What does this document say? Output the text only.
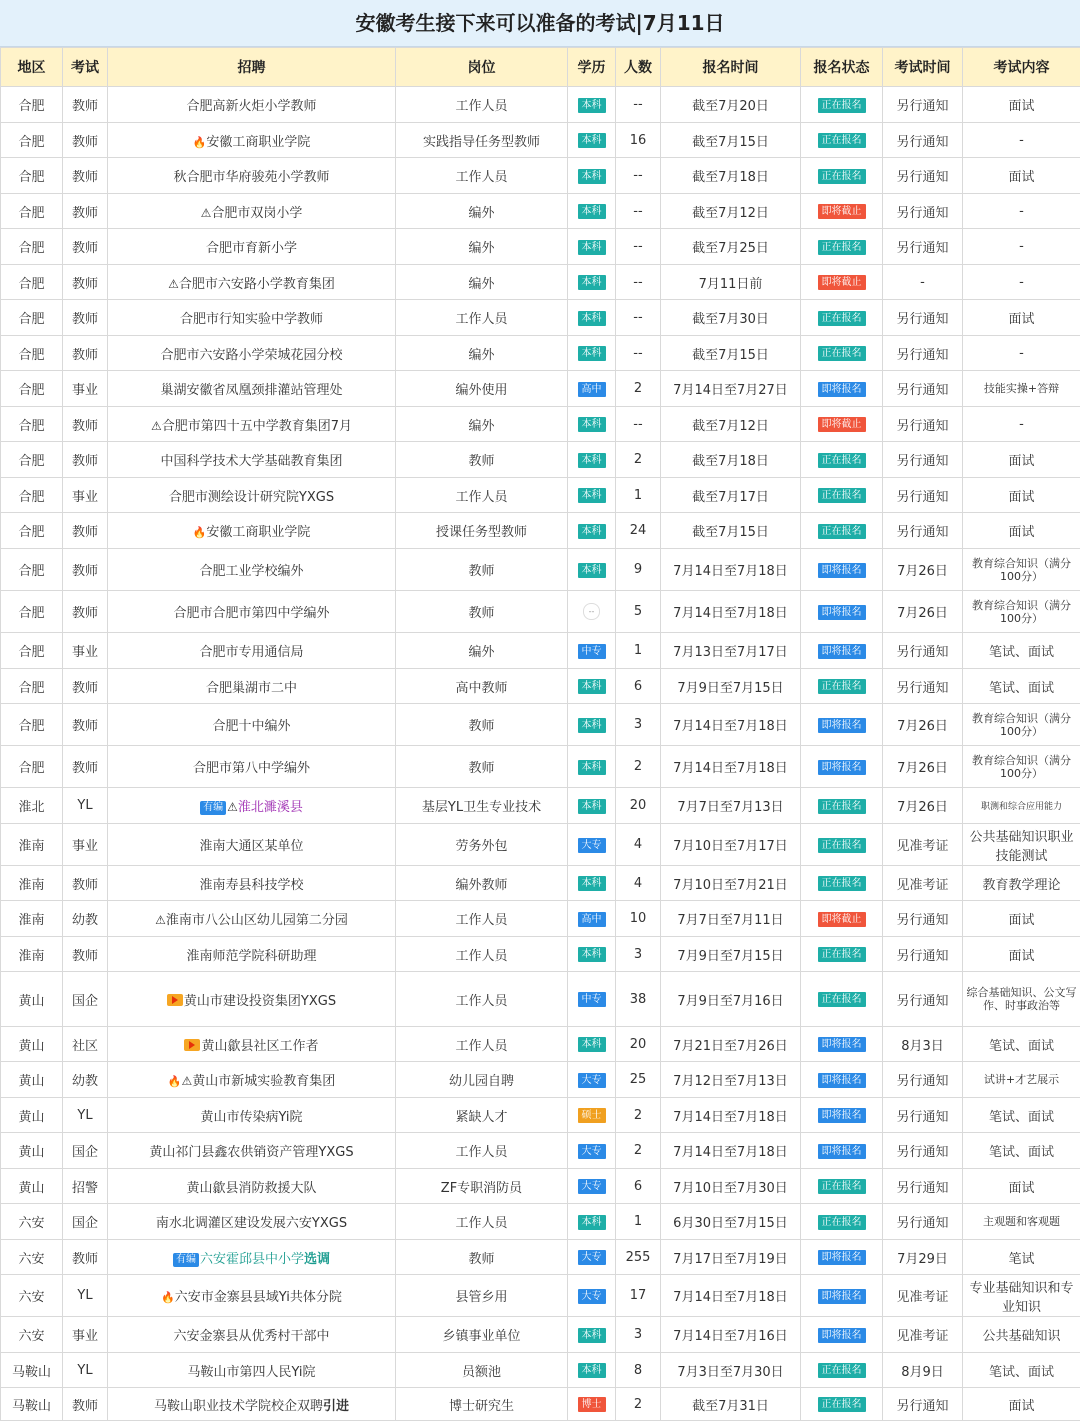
安徽考生接下来可以准备的考试|7月11日
地区	考试	招聘	岗位	学历	人数	报名时间	报名状态	考试时间	考试内容
合肥	教师	合肥高新火炬小学教师	工作人员	本科	--	截至7月20日	正在报名	另行通知	面试
合肥	教师	🔥安徽工商职业学院	实践指导任务型教师	本科	16	截至7月15日	正在报名	另行通知	-
合肥	教师	秋合肥市华府骏苑小学教师	工作人员	本科	--	截至7月18日	正在报名	另行通知	面试
合肥	教师	⚠合肥市双岗小学	编外	本科	--	截至7月12日	即将截止	另行通知	-
合肥	教师	合肥市育新小学	编外	本科	--	截至7月25日	正在报名	另行通知	-
合肥	教师	⚠合肥市六安路小学教育集团	编外	本科	--	7月11日前	即将截止	-	-
合肥	教师	合肥市行知实验中学教师	工作人员	本科	--	截至7月30日	正在报名	另行通知	面试
合肥	教师	合肥市六安路小学荣城花园分校	编外	本科	--	截至7月15日	正在报名	另行通知	-
合肥	事业	巢湖安徽省凤凰颈排灌站管理处	编外使用	高中	2	7月14日至7月27日	即将报名	另行通知	技能实操+答辩
合肥	教师	⚠合肥市第四十五中学教育集团7月	编外	本科	--	截至7月12日	即将截止	另行通知	-
合肥	教师	中国科学技术大学基础教育集团	教师	本科	2	截至7月18日	正在报名	另行通知	面试
合肥	事业	合肥市测绘设计研究院YXGS	工作人员	本科	1	截至7月17日	正在报名	另行通知	面试
合肥	教师	🔥安徽工商职业学院	授课任务型教师	本科	24	截至7月15日	正在报名	另行通知	面试
合肥	教师	合肥工业学校编外	教师	本科	9	7月14日至7月18日	即将报名	7月26日	教育综合知识（满分100分）
合肥	教师	合肥市合肥市第四中学编外	教师	--	5	7月14日至7月18日	即将报名	7月26日	教育综合知识（满分100分）
合肥	事业	合肥市专用通信局	编外	中专	1	7月13日至7月17日	即将报名	另行通知	笔试、面试
合肥	教师	合肥巢湖市二中	高中教师	本科	6	7月9日至7月15日	正在报名	另行通知	笔试、面试
合肥	教师	合肥十中编外	教师	本科	3	7月14日至7月18日	即将报名	7月26日	教育综合知识（满分100分）
合肥	教师	合肥市第八中学编外	教师	本科	2	7月14日至7月18日	即将报名	7月26日	教育综合知识（满分100分）
淮北	YL	有编 ⚠ 淮北濉溪县	基层YL卫生专业技术	本科	20	7月7日至7月13日	正在报名	7月26日	职测和综合应用能力
淮南	事业	淮南大通区某单位	劳务外包	大专	4	7月10日至7月17日	正在报名	见准考证	公共基础知识职业技能测试
淮南	教师	淮南寿县科技学校	编外教师	本科	4	7月10日至7月21日	正在报名	见准考证	教育教学理论
淮南	幼教	⚠淮南市八公山区幼儿园第二分园	工作人员	高中	10	7月7日至7月11日	即将截止	另行通知	面试
淮南	教师	淮南师范学院科研助理	工作人员	本科	3	7月9日至7月15日	正在报名	另行通知	面试
黄山	国企	黄山市建设投资集团YXGS	工作人员	中专	38	7月9日至7月16日	正在报名	另行通知	综合基础知识、公文写作、时事政治等
黄山	社区	黄山歙县社区工作者	工作人员	本科	20	7月21日至7月26日	即将报名	8月3日	笔试、面试
黄山	幼教	🔥 ⚠黄山市新城实验教育集团	幼儿园自聘	大专	25	7月12日至7月13日	即将报名	另行通知	试讲+才艺展示
黄山	YL	黄山市传染病Yi院	紧缺人才	硕士	2	7月14日至7月18日	即将报名	另行通知	笔试、面试
黄山	国企	黄山祁门县鑫农供销资产管理YXGS	工作人员	大专	2	7月14日至7月18日	即将报名	另行通知	笔试、面试
黄山	招警	黄山歙县消防救援大队	ZF专职消防员	大专	6	7月10日至7月30日	正在报名	另行通知	面试
六安	国企	南水北调灌区建设发展六安YXGS	工作人员	本科	1	6月30日至7月15日	正在报名	另行通知	主观题和客观题
六安	教师	有编 六安霍邱县中小学选调	教师	大专	255	7月17日至7月19日	即将报名	7月29日	笔试
六安	YL	🔥六安市金寨县县域Yi共体分院	县管乡用	大专	17	7月14日至7月18日	即将报名	见准考证	专业基础知识和专业知识
六安	事业	六安金寨县从优秀村干部中	乡镇事业单位	本科	3	7月14日至7月16日	即将报名	见准考证	公共基础知识
马鞍山	YL	马鞍山市第四人民Yi院	员额池	本科	8	7月3日至7月30日	正在报名	8月9日	笔试、面试
马鞍山	教师	马鞍山职业技术学院校企双聘引进	博士研究生	博士	2	截至7月31日	正在报名	另行通知	面试
